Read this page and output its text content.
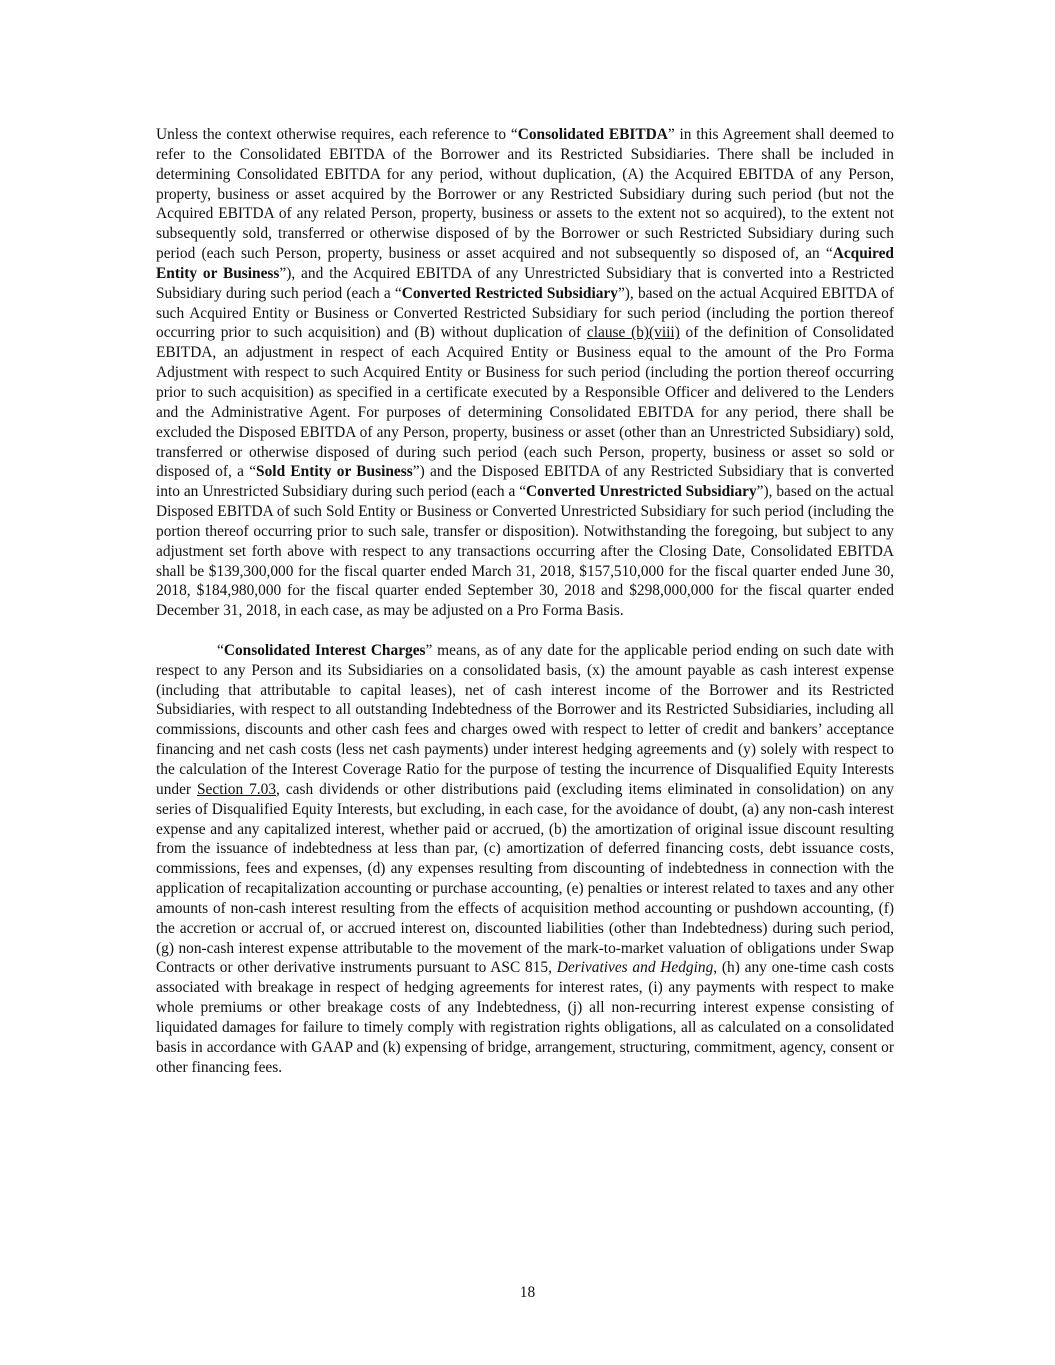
Unless the context otherwise requires, each reference to “Consolidated EBITDA” in this Agreement shall deemed to refer to the Consolidated EBITDA of the Borrower and its Restricted Subsidiaries. There shall be included in determining Consolidated EBITDA for any period, without duplication, (A) the Acquired EBITDA of any Person, property, business or asset acquired by the Borrower or any Restricted Subsidiary during such period (but not the Acquired EBITDA of any related Person, property, business or assets to the extent not so acquired), to the extent not subsequently sold, transferred or otherwise disposed of by the Borrower or such Restricted Subsidiary during such period (each such Person, property, business or asset acquired and not subsequently so disposed of, an “Acquired Entity or Business”), and the Acquired EBITDA of any Unrestricted Subsidiary that is converted into a Restricted Subsidiary during such period (each a “Converted Restricted Subsidiary”), based on the actual Acquired EBITDA of such Acquired Entity or Business or Converted Restricted Subsidiary for such period (including the portion thereof occurring prior to such acquisition) and (B) without duplication of clause (b)(viii) of the definition of Consolidated EBITDA, an adjustment in respect of each Acquired Entity or Business equal to the amount of the Pro Forma Adjustment with respect to such Acquired Entity or Business for such period (including the portion thereof occurring prior to such acquisition) as specified in a certificate executed by a Responsible Officer and delivered to the Lenders and the Administrative Agent. For purposes of determining Consolidated EBITDA for any period, there shall be excluded the Disposed EBITDA of any Person, property, business or asset (other than an Unrestricted Subsidiary) sold, transferred or otherwise disposed of during such period (each such Person, property, business or asset so sold or disposed of, a “Sold Entity or Business”) and the Disposed EBITDA of any Restricted Subsidiary that is converted into an Unrestricted Subsidiary during such period (each a “Converted Unrestricted Subsidiary”), based on the actual Disposed EBITDA of such Sold Entity or Business or Converted Unrestricted Subsidiary for such period (including the portion thereof occurring prior to such sale, transfer or disposition). Notwithstanding the foregoing, but subject to any adjustment set forth above with respect to any transactions occurring after the Closing Date, Consolidated EBITDA shall be $139,300,000 for the fiscal quarter ended March 31, 2018, $157,510,000 for the fiscal quarter ended June 30, 2018, $184,980,000 for the fiscal quarter ended September 30, 2018 and $298,000,000 for the fiscal quarter ended December 31, 2018, in each case, as may be adjusted on a Pro Forma Basis.

“Consolidated Interest Charges” means, as of any date for the applicable period ending on such date with respect to any Person and its Subsidiaries on a consolidated basis, (x) the amount payable as cash interest expense (including that attributable to capital leases), net of cash interest income of the Borrower and its Restricted Subsidiaries, with respect to all outstanding Indebtedness of the Borrower and its Restricted Subsidiaries, including all commissions, discounts and other cash fees and charges owed with respect to letter of credit and bankers’ acceptance financing and net cash costs (less net cash payments) under interest hedging agreements and (y) solely with respect to the calculation of the Interest Coverage Ratio for the purpose of testing the incurrence of Disqualified Equity Interests under Section 7.03, cash dividends or other distributions paid (excluding items eliminated in consolidation) on any series of Disqualified Equity Interests, but excluding, in each case, for the avoidance of doubt, (a) any non-cash interest expense and any capitalized interest, whether paid or accrued, (b) the amortization of original issue discount resulting from the issuance of indebtedness at less than par, (c) amortization of deferred financing costs, debt issuance costs, commissions, fees and expenses, (d) any expenses resulting from discounting of indebtedness in connection with the application of recapitalization accounting or purchase accounting, (e) penalties or interest related to taxes and any other amounts of non-cash interest resulting from the effects of acquisition method accounting or pushdown accounting, (f) the accretion or accrual of, or accrued interest on, discounted liabilities (other than Indebtedness) during such period, (g) non-cash interest expense attributable to the movement of the mark-to-market valuation of obligations under Swap Contracts or other derivative instruments pursuant to ASC 815, Derivatives and Hedging, (h) any one-time cash costs associated with breakage in respect of hedging agreements for interest rates, (i) any payments with respect to make whole premiums or other breakage costs of any Indebtedness, (j) all non-recurring interest expense consisting of liquidated damages for failure to timely comply with registration rights obligations, all as calculated on a consolidated basis in accordance with GAAP and (k) expensing of bridge, arrangement, structuring, commitment, agency, consent or other financing fees.

18
